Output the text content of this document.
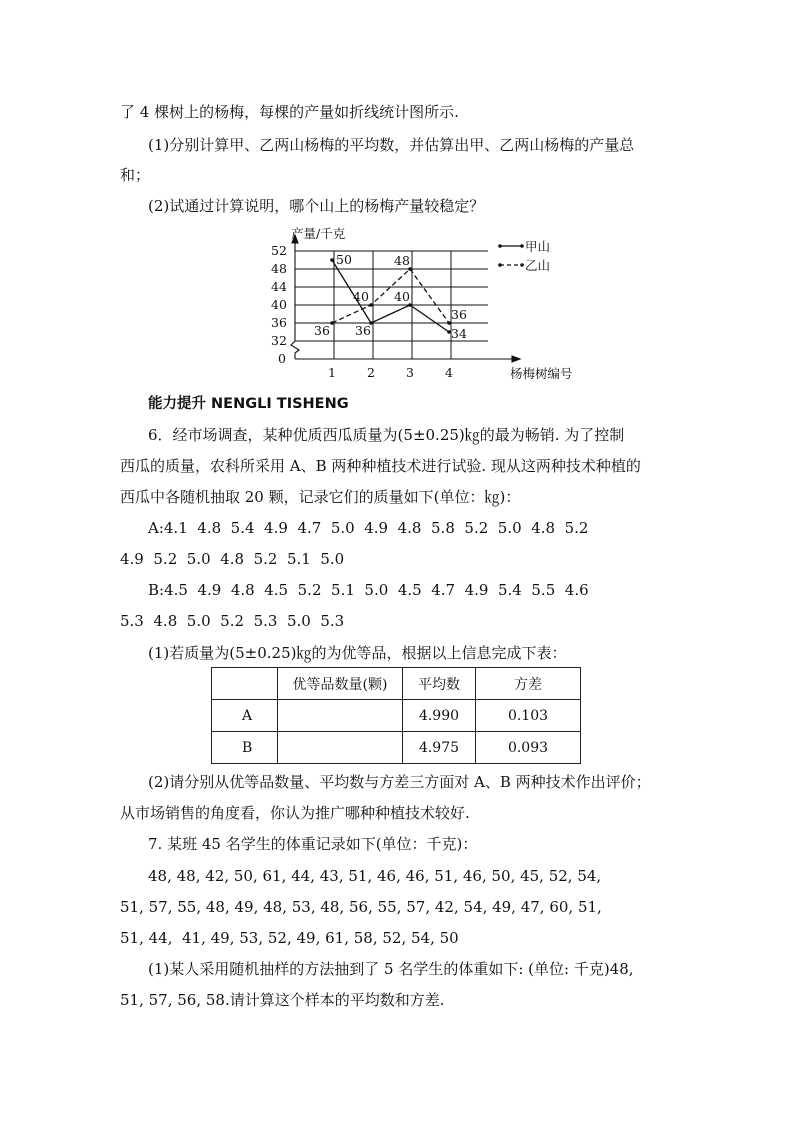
了 4 棵树上的杨梅，每棵的产量如折线统计图所示.
(1)分别计算甲、乙两山杨梅的平均数，并估算出甲、乙两山杨梅的产量总
和；
(2)试通过计算说明，哪个山上的杨梅产量较稳定？
产量/千克
杨梅树编号
0
52
48
44
40
36
32
1 2 3 4
50
36
40
34
36
40
48
36
甲山
乙山
能力提升 NENGLI TISHENG
6．经市场调查，某种优质西瓜质量为(5±0.25)㎏的最为畅销. 为了控制
西瓜的质量，农科所采用 A、B 两种种植技术进行试验. 现从这两种技术种植的
西瓜中各随机抽取 20 颗，记录它们的质量如下(单位：㎏)：
A:4.1  4.8  5.4  4.9  4.7  5.0  4.9  4.8  5.8  5.2  5.0  4.8  5.2
4.9  5.2  5.0  4.8  5.2  5.1  5.0
B:4.5  4.9  4.8  4.5  5.2  5.1  5.0  4.5  4.7  4.9  5.4  5.5  4.6
5.3  4.8  5.0  5.2  5.3  5.0  5.3
(1)若质量为(5±0.25)㎏的为优等品，根据以上信息完成下表：
	优等品数量(颗)	平均数	方差
A		4.990	0.103
B		4.975	0.093
(2)请分别从优等品数量、平均数与方差三方面对 A、B 两种技术作出评价；
从市场销售的角度看，你认为推广哪种种植技术较好.
7. 某班 45 名学生的体重记录如下(单位：千克)：
48, 48, 42, 50, 61, 44, 43, 51, 46, 46, 51, 46, 50, 45, 52, 54,
51, 57, 55, 48, 49, 48, 53, 48, 56, 55, 57, 42, 54, 49, 47, 60, 51,
51, 44,  41, 49, 53, 52, 49, 61, 58, 52, 54, 50
(1)某人采用随机抽样的方法抽到了 5 名学生的体重如下: (单位: 千克)48,
51, 57, 56, 58.请计算这个样本的平均数和方差.
